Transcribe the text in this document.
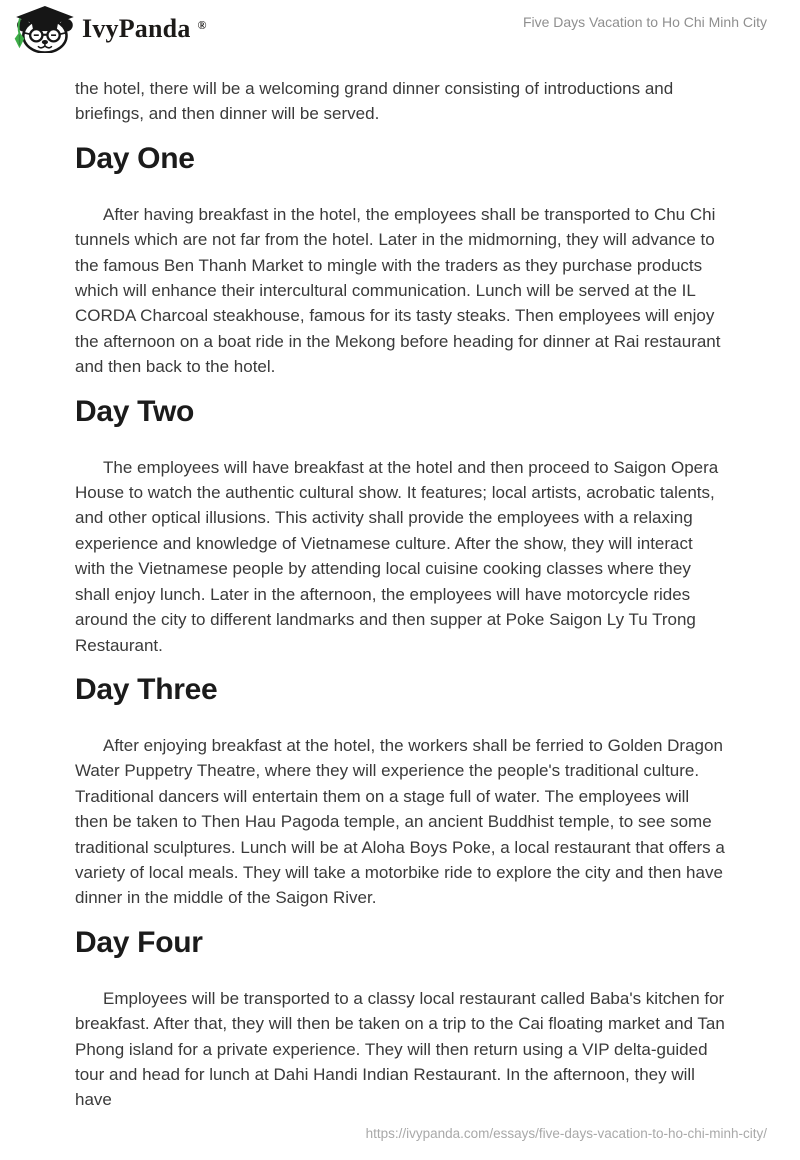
IvyPanda ®	Five Days Vacation to Ho Chi Minh City

the hotel, there will be a welcoming grand dinner consisting of introductions and briefings, and then dinner will be served.

Day One

After having breakfast in the hotel, the employees shall be transported to Chu Chi tunnels which are not far from the hotel. Later in the midmorning, they will advance to the famous Ben Thanh Market to mingle with the traders as they purchase products which will enhance their intercultural communication. Lunch will be served at the IL CORDA Charcoal steakhouse, famous for its tasty steaks. Then employees will enjoy the afternoon on a boat ride in the Mekong before heading for dinner at Rai restaurant and then back to the hotel.

Day Two

The employees will have breakfast at the hotel and then proceed to Saigon Opera House to watch the authentic cultural show. It features; local artists, acrobatic talents, and other optical illusions. This activity shall provide the employees with a relaxing experience and knowledge of Vietnamese culture. After the show, they will interact with the Vietnamese people by attending local cuisine cooking classes where they shall enjoy lunch. Later in the afternoon, the employees will have motorcycle rides around the city to different landmarks and then supper at Poke Saigon Ly Tu Trong Restaurant.

Day Three

After enjoying breakfast at the hotel, the workers shall be ferried to Golden Dragon Water Puppetry Theatre, where they will experience the people's traditional culture. Traditional dancers will entertain them on a stage full of water. The employees will then be taken to Then Hau Pagoda temple, an ancient Buddhist temple, to see some traditional sculptures. Lunch will be at Aloha Boys Poke, a local restaurant that offers a variety of local meals. They will take a motorbike ride to explore the city and then have dinner in the middle of the Saigon River.

Day Four

Employees will be transported to a classy local restaurant called Baba's kitchen for breakfast. After that, they will then be taken on a trip to the Cai floating market and Tan Phong island for a private experience. They will then return using a VIP delta-guided tour and head for lunch at Dahi Handi Indian Restaurant. In the afternoon, they will have

https://ivypanda.com/essays/five-days-vacation-to-ho-chi-minh-city/
